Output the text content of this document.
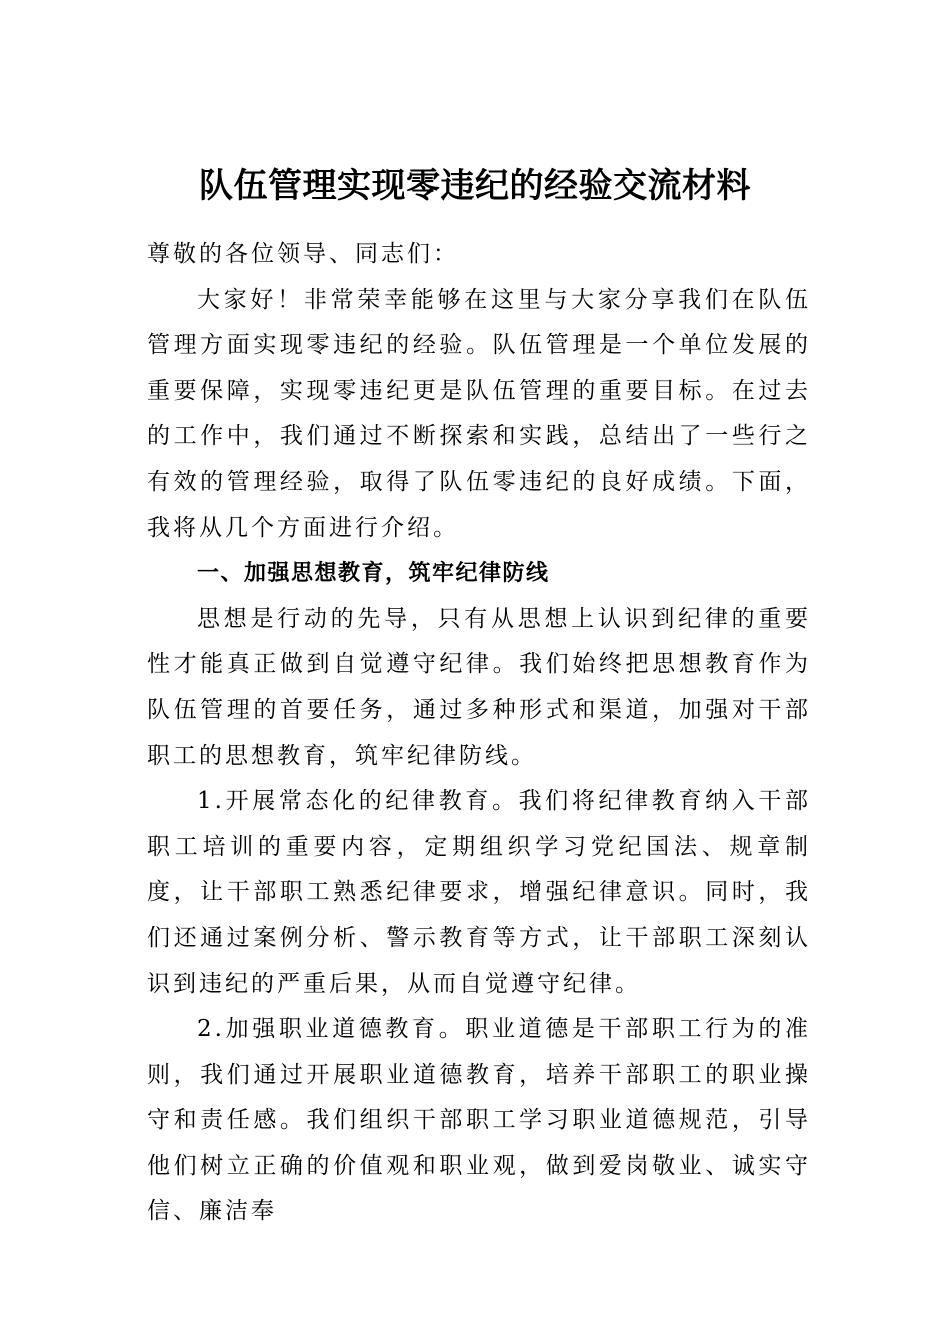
队伍管理实现零违纪的经验交流材料

尊敬的各位领导、同志们：

大家好！非常荣幸能够在这里与大家分享我们在队伍管理方面实现零违纪的经验。队伍管理是一个单位发展的重要保障，实现零违纪更是队伍管理的重要目标。在过去的工作中，我们通过不断探索和实践，总结出了一些行之有效的管理经验，取得了队伍零违纪的良好成绩。下面，我将从几个方面进行介绍。

一、加强思想教育，筑牢纪律防线

思想是行动的先导，只有从思想上认识到纪律的重要性才能真正做到自觉遵守纪律。我们始终把思想教育作为队伍管理的首要任务，通过多种形式和渠道，加强对干部职工的思想教育，筑牢纪律防线。

1.开展常态化的纪律教育。我们将纪律教育纳入干部职工培训的重要内容，定期组织学习党纪国法、规章制度，让干部职工熟悉纪律要求，增强纪律意识。同时，我们还通过案例分析、警示教育等方式，让干部职工深刻认识到违纪的严重后果，从而自觉遵守纪律。

2.加强职业道德教育。职业道德是干部职工行为的准则，我们通过开展职业道德教育，培养干部职工的职业操守和责任感。我们组织干部职工学习职业道德规范，引导他们树立正确的价值观和职业观，做到爱岗敬业、诚实守信、廉洁奉
